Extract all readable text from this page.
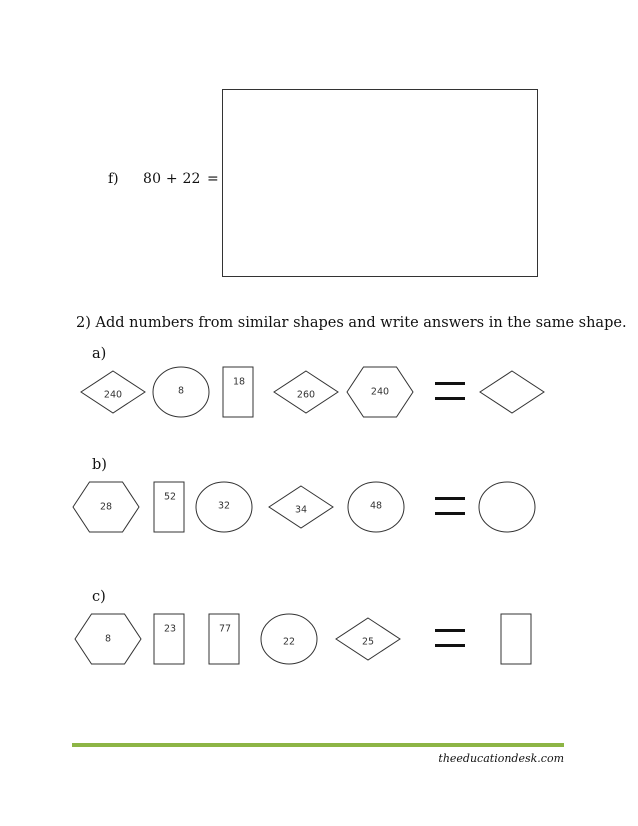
f) 80 + 22 =
2) Add numbers from similar shapes and write answers in the same shape.
a)
b)
c)
240	8
18
260	240
28
52
32	34	48
8
23	77
22	25
theeducationdesk.com
